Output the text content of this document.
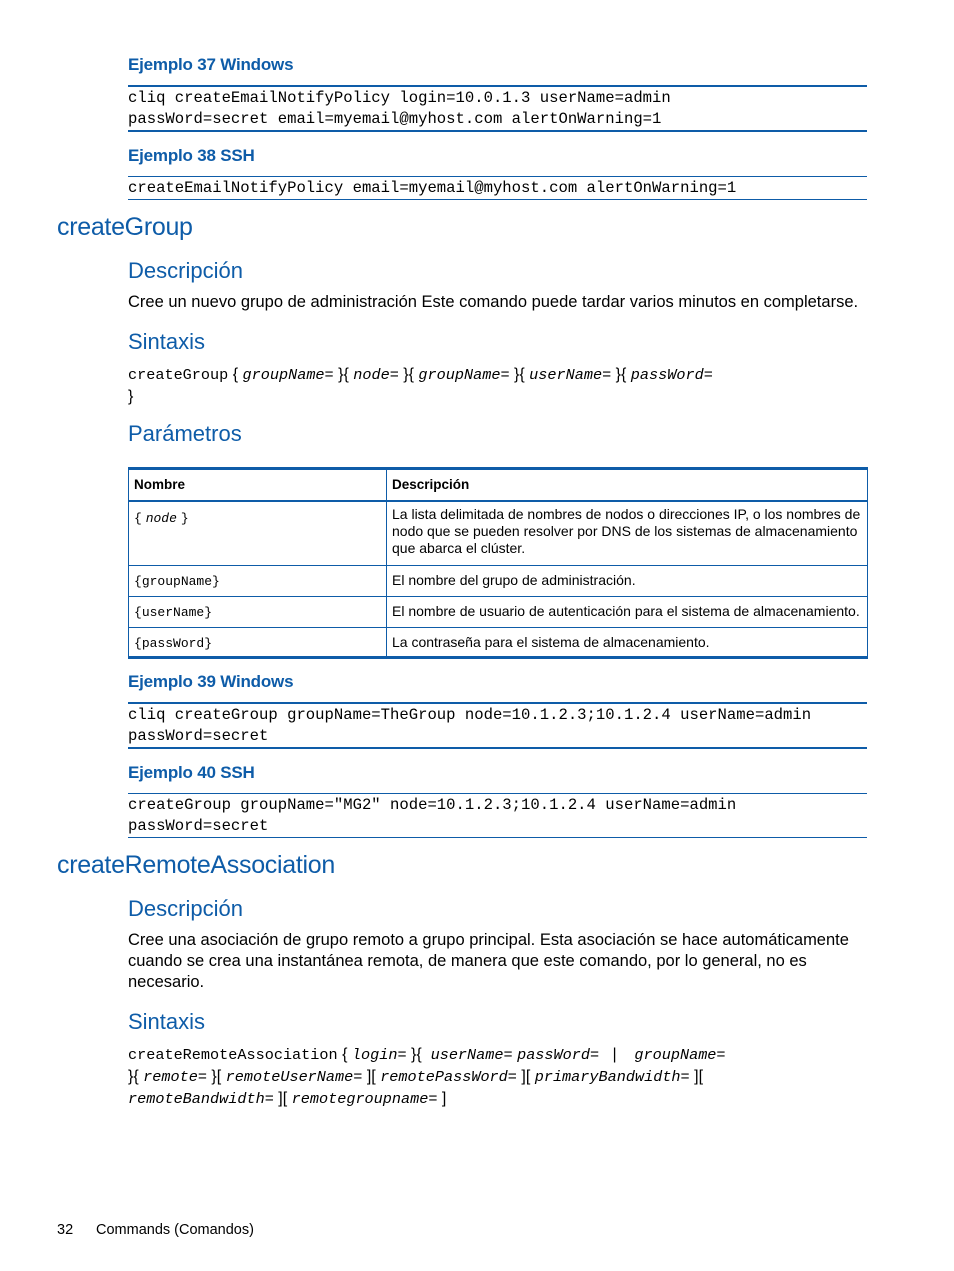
Ejemplo 37 Windows
cliq createEmailNotifyPolicy login=10.0.1.3 userName=admin
passWord=secret email=myemail@myhost.com alertOnWarning=1
Ejemplo 38 SSH
createEmailNotifyPolicy email=myemail@myhost.com alertOnWarning=1
createGroup
Descripción
Cree un nuevo grupo de administración Este comando puede tardar varios minutos en completarse.
Sintaxis
createGroup { groupName= }{ node= }{ groupName= }{ userName= }{ passWord=
}
Parámetros
Nombre	Descripción
{ node }	La lista delimitada de nombres de nodos o direcciones IP, o los nombres de nodo que se pueden resolver por DNS de los sistemas de almacenamiento que abarca el clúster.
{groupName}	El nombre del grupo de administración.
{userName}	El nombre de usuario de autenticación para el sistema de almacenamiento.
{passWord}	La contraseña para el sistema de almacenamiento.
Ejemplo 39 Windows
cliq createGroup groupName=TheGroup node=10.1.2.3;10.1.2.4 userName=admin
passWord=secret
Ejemplo 40 SSH
createGroup groupName="MG2" node=10.1.2.3;10.1.2.4 userName=admin
passWord=secret
createRemoteAssociation
Descripción
Cree una asociación de grupo remoto a grupo principal. Esta asociación se hace automáticamente cuando se crea una instantánea remota, de manera que este comando, por lo general, no es necesario.
Sintaxis
createRemoteAssociation { login= }{ userName= passWord= | groupName=
}{ remote= }[ remoteUserName= ][ remotePassWord= ][ primaryBandwidth= ][
remoteBandwidth= ][ remotegroupname= ]
32 Commands (Comandos)
